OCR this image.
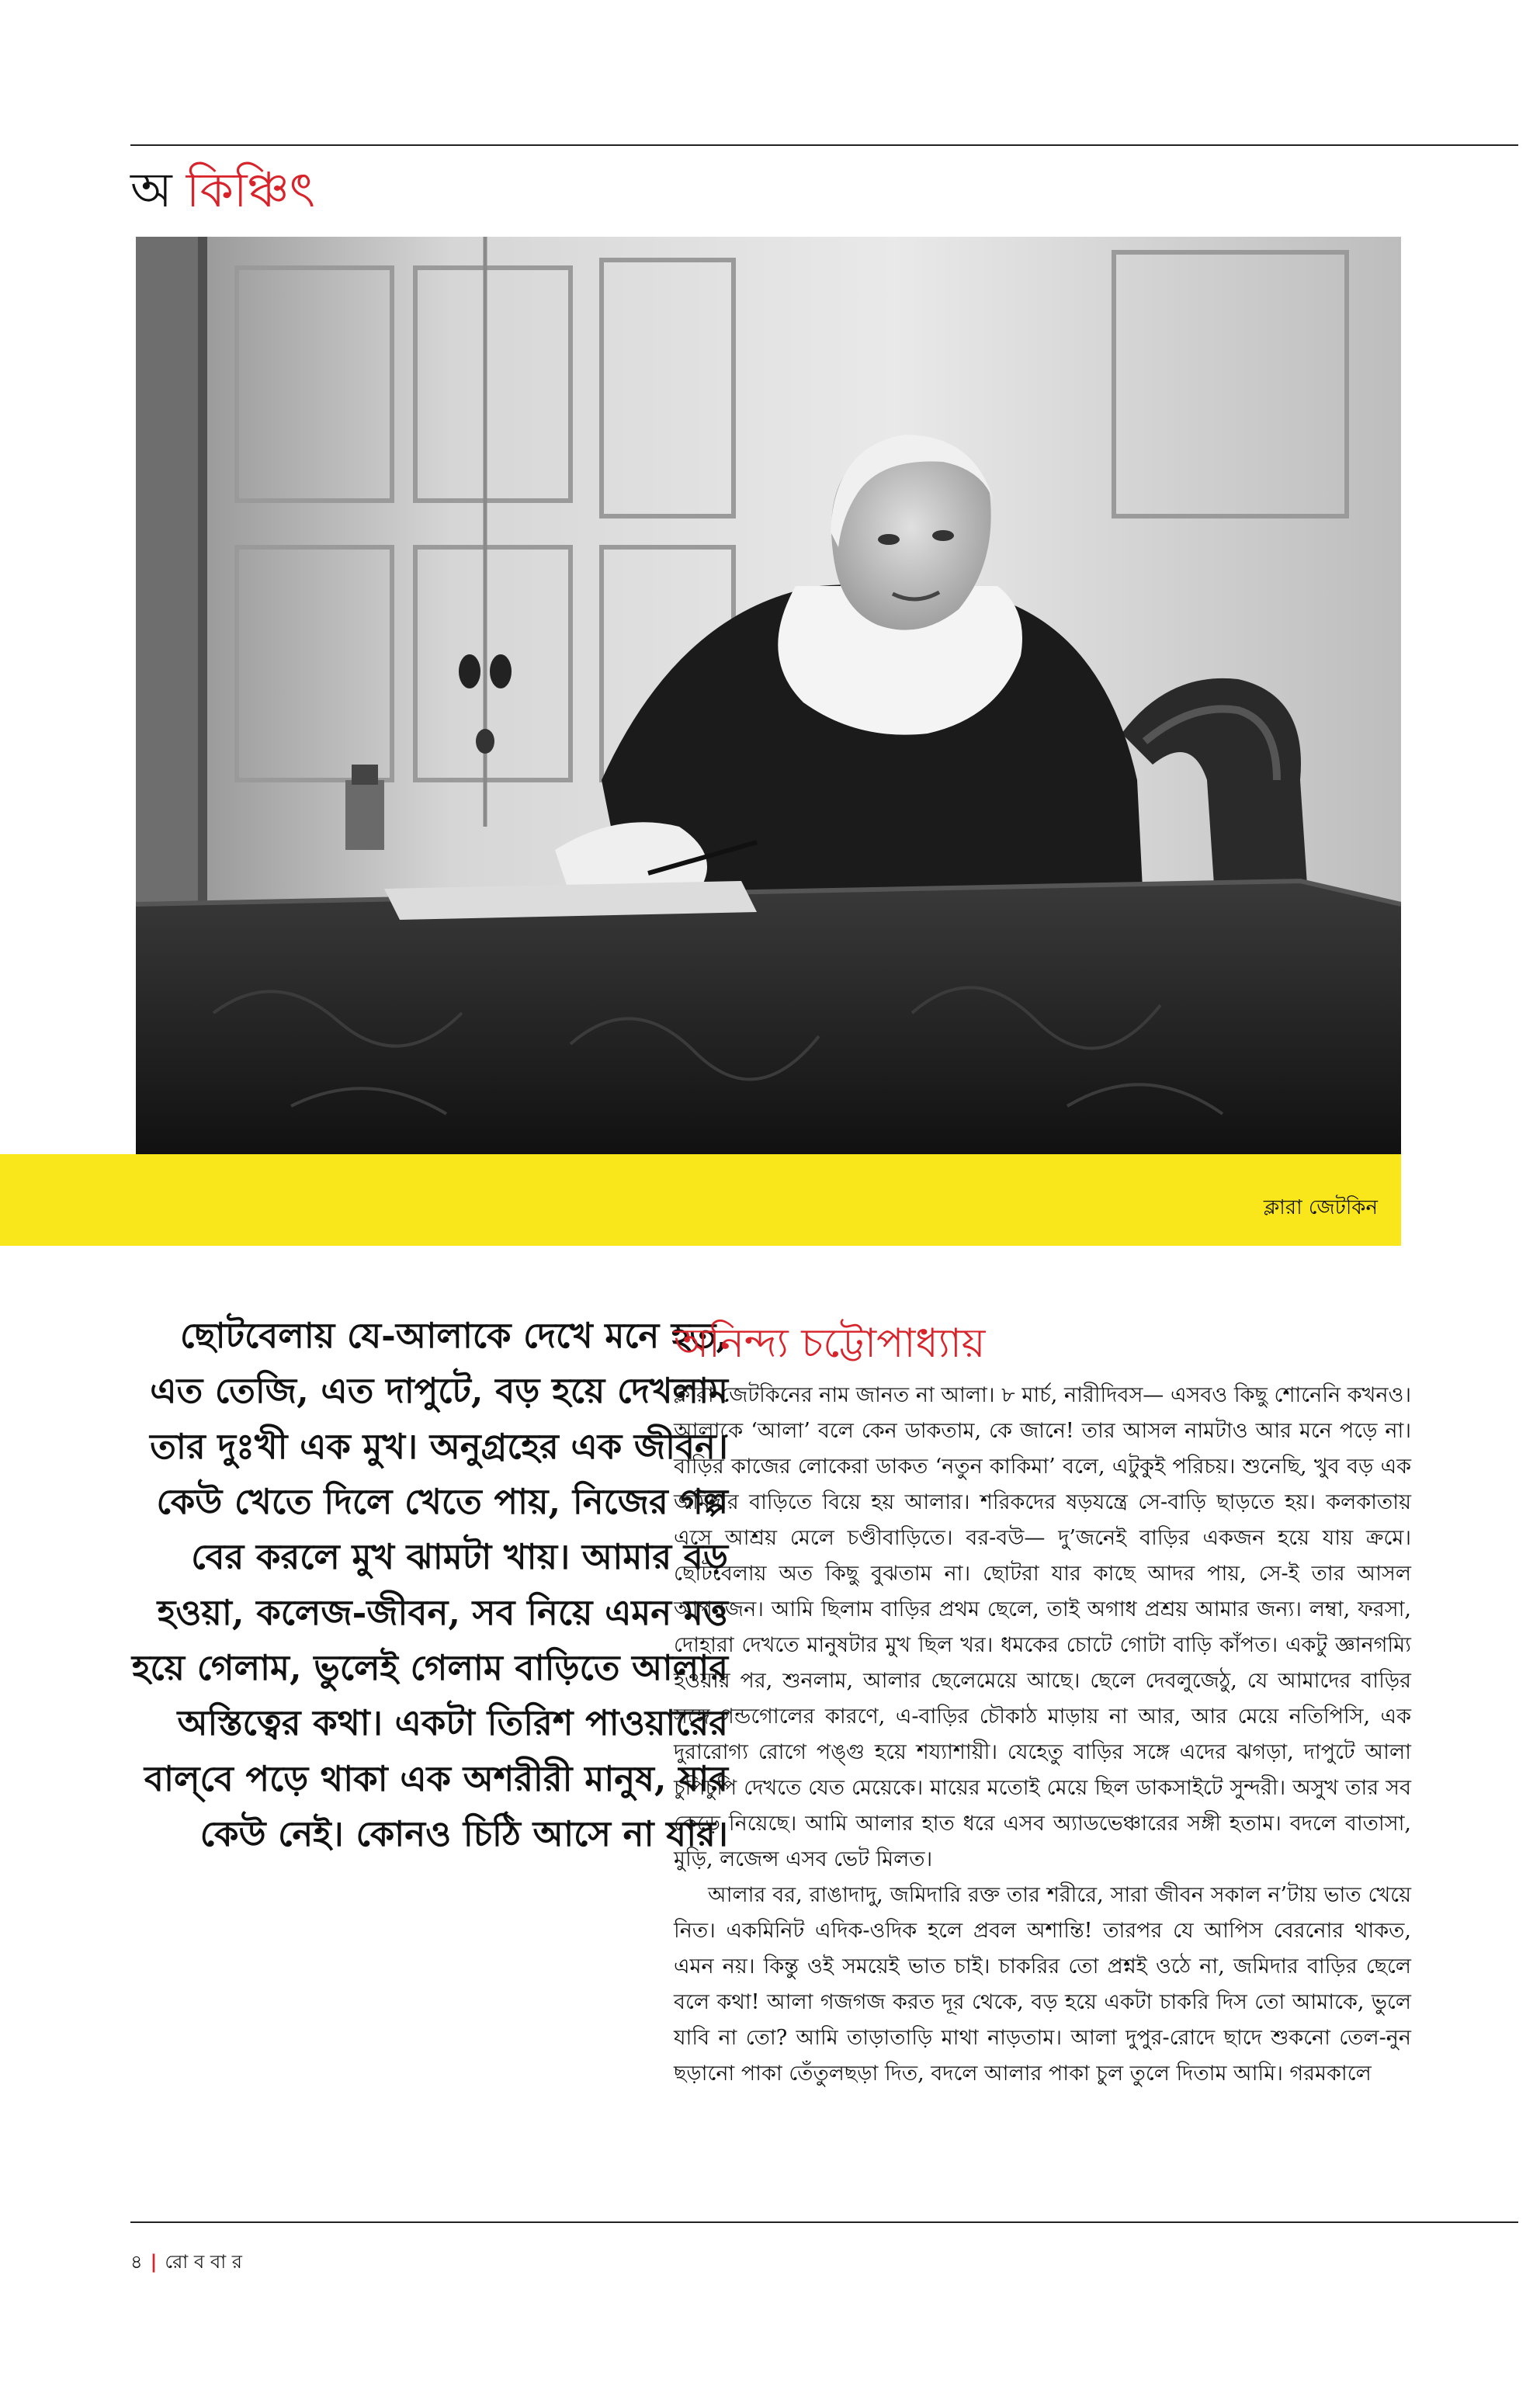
অ কিঞ্চিৎ
ক্লারা জেটকিন

ছোটবেলায় যে-আলাকে দেখে মনে হত, এত তেজি, এত দাপুটে, বড় হয়ে দেখলাম তার দুঃখী এক মুখ। অনুগ্রহের এক জীবন। কেউ খেতে দিলে খেতে পায়, নিজের গল্প বের করলে মুখ ঝামটা খায়। আমার বড় হওয়া, কলেজ-জীবন, সব নিয়ে এমন মত্ত হয়ে গেলাম, ভুলেই গেলাম বাড়িতে আলার অস্তিত্বের কথা। একটা তিরিশ পাওয়ারের বাল্‌বে পড়ে থাকা এক অশরীরী মানুষ, যার কেউ নেই। কোনও চিঠি আসে না যার।

অনিন্দ্য চট্টোপাধ্যায়

ক্লারা জেটকিনের নাম জানত না আলা। ৮ মার্চ, নারীদিবস— এসবও কিছু শোনেনি কখনও। আলাকে ‘আলা’ বলে কেন ডাকতাম, কে জানে! তার আসল নামটাও আর মনে পড়ে না। বাড়ির কাজের লোকেরা ডাকত ‘নতুন কাকিমা’ বলে, এটুকুই পরিচয়। শুনেছি, খুব বড় এক জমিদার বাড়িতে বিয়ে হয় আলার। শরিকদের ষড়যন্ত্রে সে-বাড়ি ছাড়তে হয়। কলকাতায় এসে আশ্রয় মেলে চণ্ডীবাড়িতে। বর-বউ— দু’জনেই বাড়ির একজন হয়ে যায় ক্রমে। ছোটবেলায় অত কিছু বুঝতাম না। ছোটরা যার কাছে আদর পায়, সে-ই তার আসল আপনজন। আমি ছিলাম বাড়ির প্রথম ছেলে, তাই অগাধ প্রশ্রয় আমার জন্য। লম্বা, ফরসা, দোহারা দেখতে মানুষটার মুখ ছিল খর। ধমকের চোটে গোটা বাড়ি কাঁপত। একটু জ্ঞানগম্যি হওয়ার পর, শুনলাম, আলার ছেলেমেয়ে আছে। ছেলে দেবলুজেঠু, যে আমাদের বাড়ির সঙ্গে গন্ডগোলের কারণে, এ-বাড়ির চৌকাঠ মাড়ায় না আর, আর মেয়ে নতিপিসি, এক দুরারোগ্য রোগে পঙ্গু হয়ে শয্যাশায়ী। যেহেতু বাড়ির সঙ্গে এদের ঝগড়া, দাপুটে আলা চুপিচুপি দেখতে যেত মেয়েকে। মায়ের মতোই মেয়ে ছিল ডাকসাইটে সুন্দরী। অসুখ তার সব কেড়ে নিয়েছে। আমি আলার হাত ধরে এসব অ্যাডভেঞ্চারের সঙ্গী হতাম। বদলে বাতাসা, মুড়ি, লজেন্স এসব ভেট মিলত।

আলার বর, রাঙাদাদু, জমিদারি রক্ত তার শরীরে, সারা জীবন সকাল ন’টায় ভাত খেয়ে নিত। একমিনিট এদিক-ওদিক হলে প্রবল অশান্তি! তারপর যে আপিস বেরনোর থাকত, এমন নয়। কিন্তু ওই সময়েই ভাত চাই। চাকরির তো প্রশ্নই ওঠে না, জমিদার বাড়ির ছেলে বলে কথা! আলা গজগজ করত দূর থেকে, বড় হয়ে একটা চাকরি দিস তো আমাকে, ভুলে যাবি না তো? আমি তাড়াতাড়ি মাথা নাড়তাম। আলা দুপুর-রোদে ছাদে শুকনো তেল-নুন ছড়ানো পাকা তেঁতুলছড়া দিত, বদলে আলার পাকা চুল তুলে দিতাম আমি। গরমকালে

৪ | রো ব বা র
